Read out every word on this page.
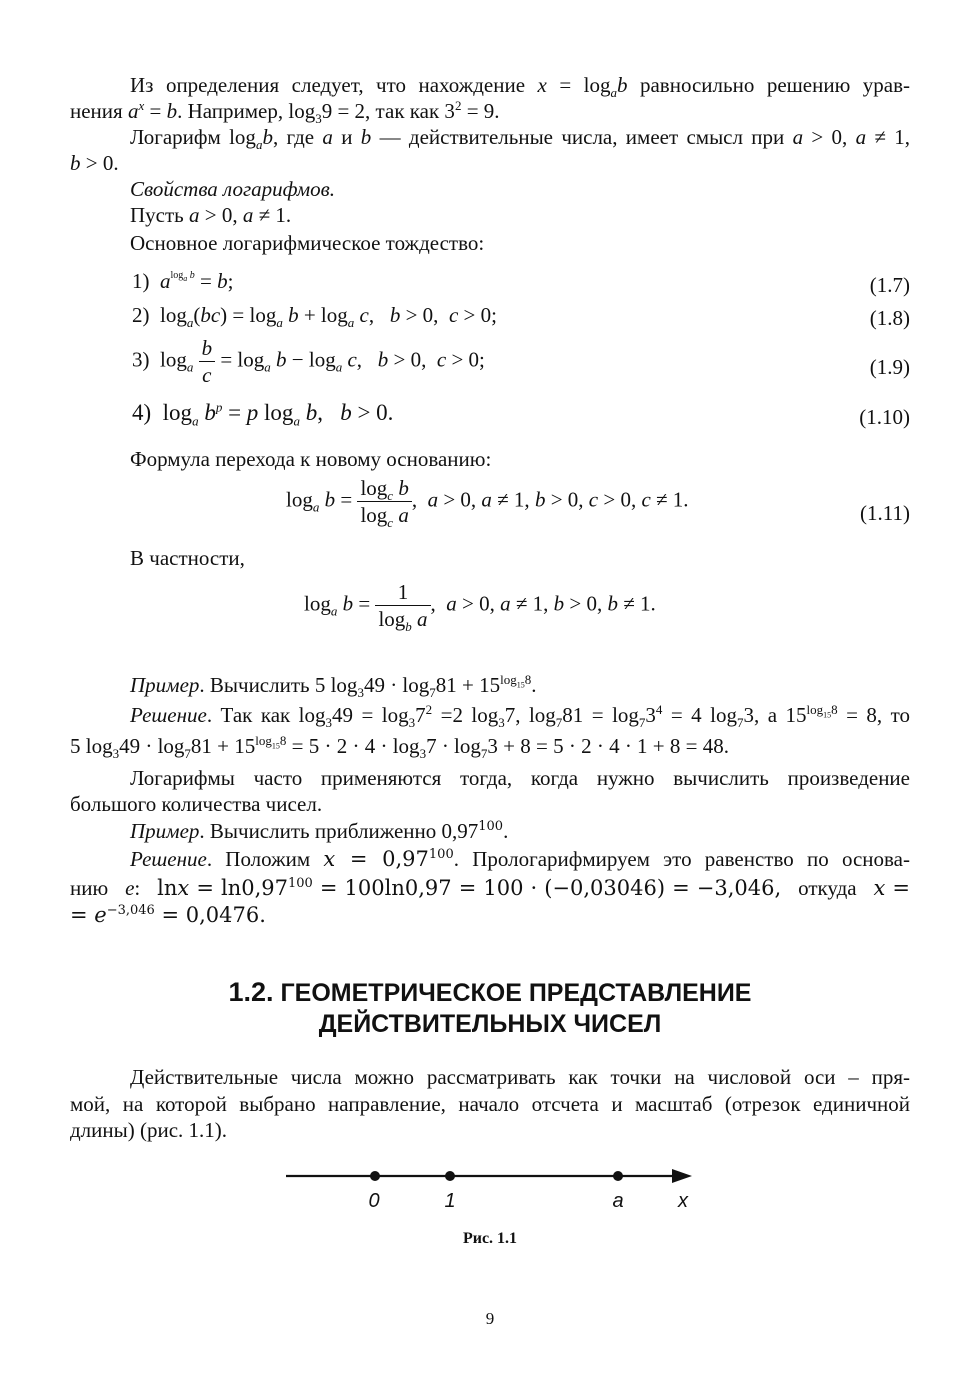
Из определения следует, что нахождение $x = \log_ab$ равносильно решению урав-
нения $a^x = b$. Например, $\log_39 = 2$, так как $3^2 = 9$.
Логарифм $\log_ab$, где a и b — действительные числа, имеет смысл при a > 0, a ≠ 1,
b > 0.
Свойства логарифмов.
Пусть a > 0, a ≠ 1.
Основное логарифмическое тождество:
1)  $a^{log_a b} = b$;	(1.7)
2)  $\log_a(bc) = \log_a b + \log_a c$,   b > 0,  c > 0;	(1.8)
3)  $\log_a \frac{b}{c} = \log_a b - \log_a c$,   b > 0,  c > 0;	(1.9)
4)  $\log_a b^p = p$ $\log_a b$,   b > 0.	(1.10)
Формула перехода к новому основанию:
$\log_a b = \frac{\log_c b}{\log_c a}$ ,  a > 0, a ≠ 1, b > 0, c > 0, c ≠ 1.
(1.11)
В частности,
$\log_a b = \frac{1}{\log_b a}$ ,  a > 0, a ≠ 1, b > 0, b ≠ 1.
Пример. Вычислить 5 $\log_349 \cdot \log_781 + 15^{log_{15}8}$.
Решение. Так как $\log_349 = \log_37^2 =2$ $\log_37$, $\log_781 = \log_73^4 = 4$ $\log_73$, а $15^{log_{15}8} = 8$, то
5 $\log_349 \cdot \log_781 + 15^{log_{15}8} = 5 \cdot 2 \cdot 4 \cdot \log_37 \cdot \log_73 + 8 = 5 \cdot 2 \cdot 4 \cdot 1 + 8 = 48$.
Логарифмы часто применяются тогда, когда нужно вычислить произведение
большого количества чисел.
Пример. Вычислить приближенно 0,97$^{100}$.
Решение. Положим $x = 0,97^{100}$. Прологарифмируем это равенство по основа-
нию e:   $\ln x = \ln 0,97^{100} = 100\ln 0,97 = 100 \cdot (-0,03046) = -3,046$, откуда x =
= $e^{-3,046} = 0,0476$.
1.2. ГЕОМЕТРИЧЕСКОЕ ПРЕДСТАВЛЕНИЕ
ДЕЙСТВИТЕЛЬНЫХ ЧИСЕЛ
Действительные числа можно рассматривать как точки на числовой оси – пря-
мой, на которой выбрано направление, начало отсчета и масштаб (отрезок единичной
длины) (рис. 1.1).
0	1	a	x
Рис. 1.1
9
